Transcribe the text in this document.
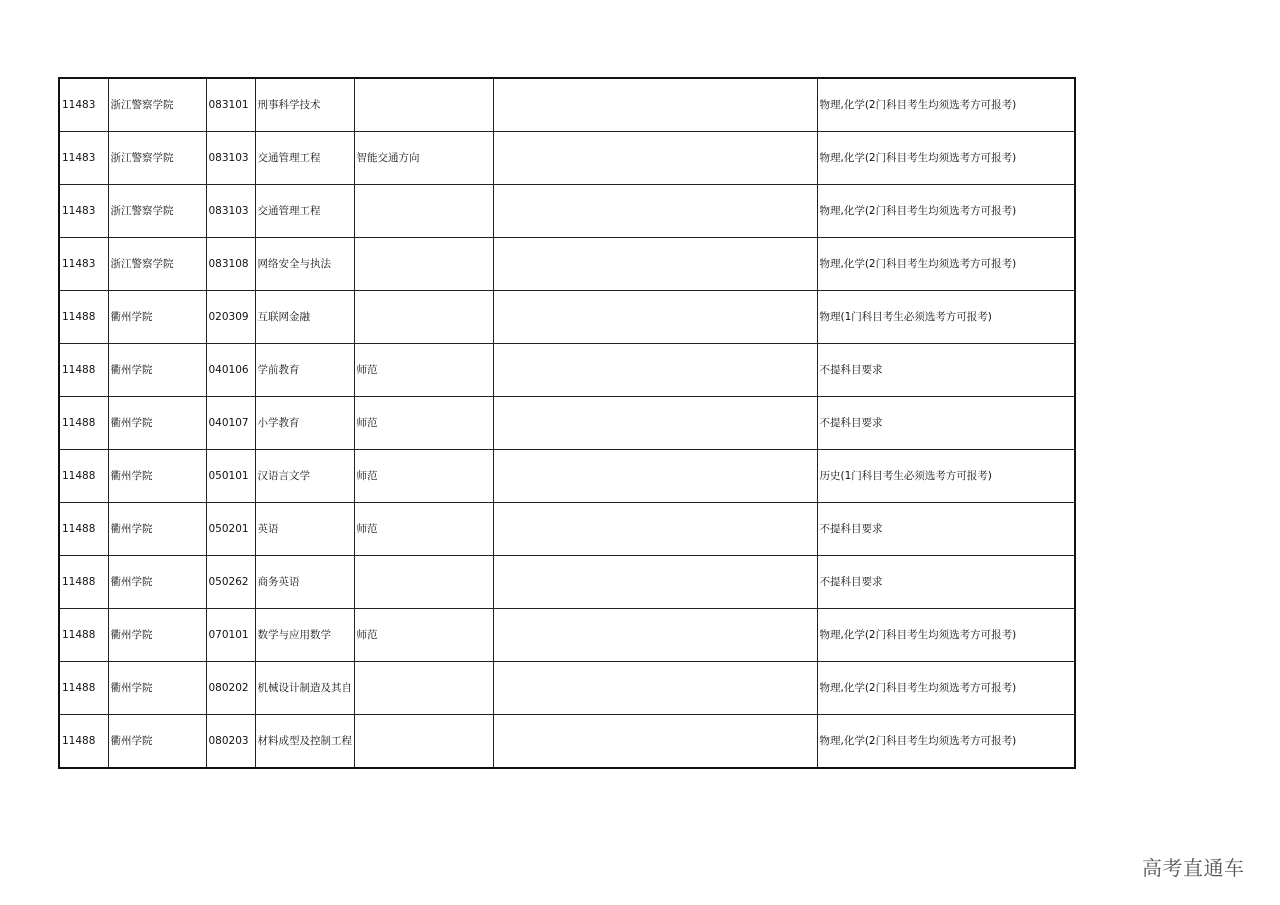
11483	浙江警察学院	083101	刑事科学技术			物理,化学(2门科目考生均须选考方可报考)
11483	浙江警察学院	083103	交通管理工程	智能交通方向		物理,化学(2门科目考生均须选考方可报考)
11483	浙江警察学院	083103	交通管理工程			物理,化学(2门科目考生均须选考方可报考)
11483	浙江警察学院	083108	网络安全与执法			物理,化学(2门科目考生均须选考方可报考)
11488	衢州学院	020309	互联网金融			物理(1门科目考生必须选考方可报考)
11488	衢州学院	040106	学前教育	师范		不提科目要求
11488	衢州学院	040107	小学教育	师范		不提科目要求
11488	衢州学院	050101	汉语言文学	师范		历史(1门科目考生必须选考方可报考)
11488	衢州学院	050201	英语	师范		不提科目要求
11488	衢州学院	050262	商务英语			不提科目要求
11488	衢州学院	070101	数学与应用数学	师范		物理,化学(2门科目考生均须选考方可报考)
11488	衢州学院	080202	机械设计制造及其自			物理,化学(2门科目考生均须选考方可报考)
11488	衢州学院	080203	材料成型及控制工程			物理,化学(2门科目考生均须选考方可报考)
高考直通车
